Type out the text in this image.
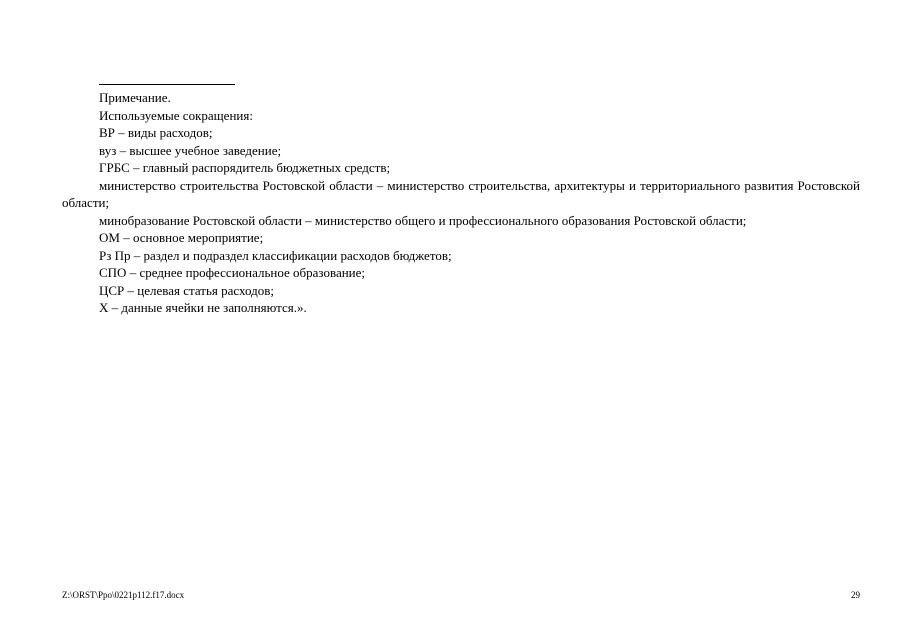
Примечание.

Используемые сокращения:

ВР – виды расходов;

вуз – высшее учебное заведение;

ГРБС – главный распорядитель бюджетных средств;

министерство строительства Ростовской области – министерство строительства, архитектуры и территориального развития Ростовской области;

минобразование Ростовской области – министерство общего и профессионального образования Ростовской области;

ОМ – основное мероприятие;

Рз Пр – раздел и подраздел классификации расходов бюджетов;

СПО – среднее профессиональное образование;

ЦСР – целевая статья расходов;

Х – данные ячейки не заполняются.».

Z:\ORST\Ppo\0221p112.f17.docx	29
